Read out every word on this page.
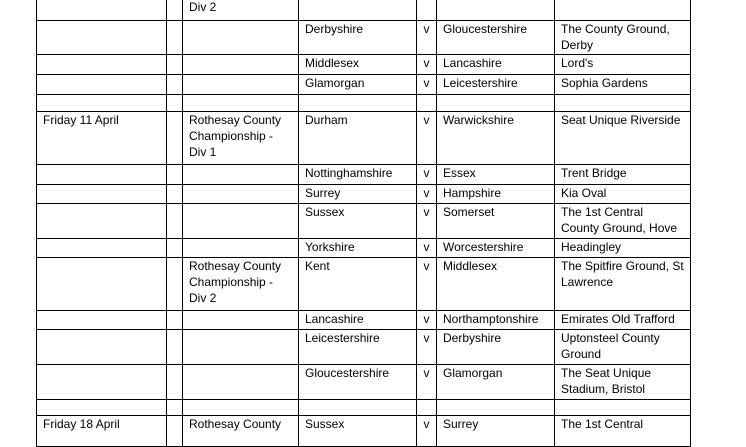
		Div 2				
			Derbyshire	v	Gloucestershire	The County Ground, Derby
			Middlesex	v	Lancashire	Lord's
			Glamorgan	v	Leicestershire	Sophia Gardens

Friday 11 April		Rothesay County Championship - Div 1	Durham	v	Warwickshire	Seat Unique Riverside
			Nottinghamshire	v	Essex	Trent Bridge
			Surrey	v	Hampshire	Kia Oval
			Sussex	v	Somerset	The 1st Central County Ground, Hove
			Yorkshire	v	Worcestershire	Headingley
		Rothesay County Championship - Div 2	Kent	v	Middlesex	The Spitfire Ground, St Lawrence
			Lancashire	v	Northamptonshire	Emirates Old Trafford
			Leicestershire	v	Derbyshire	Uptonsteel County Ground
			Gloucestershire	v	Glamorgan	The Seat Unique Stadium, Bristol

Friday 18 April		Rothesay County	Sussex	v	Surrey	The 1st Central
